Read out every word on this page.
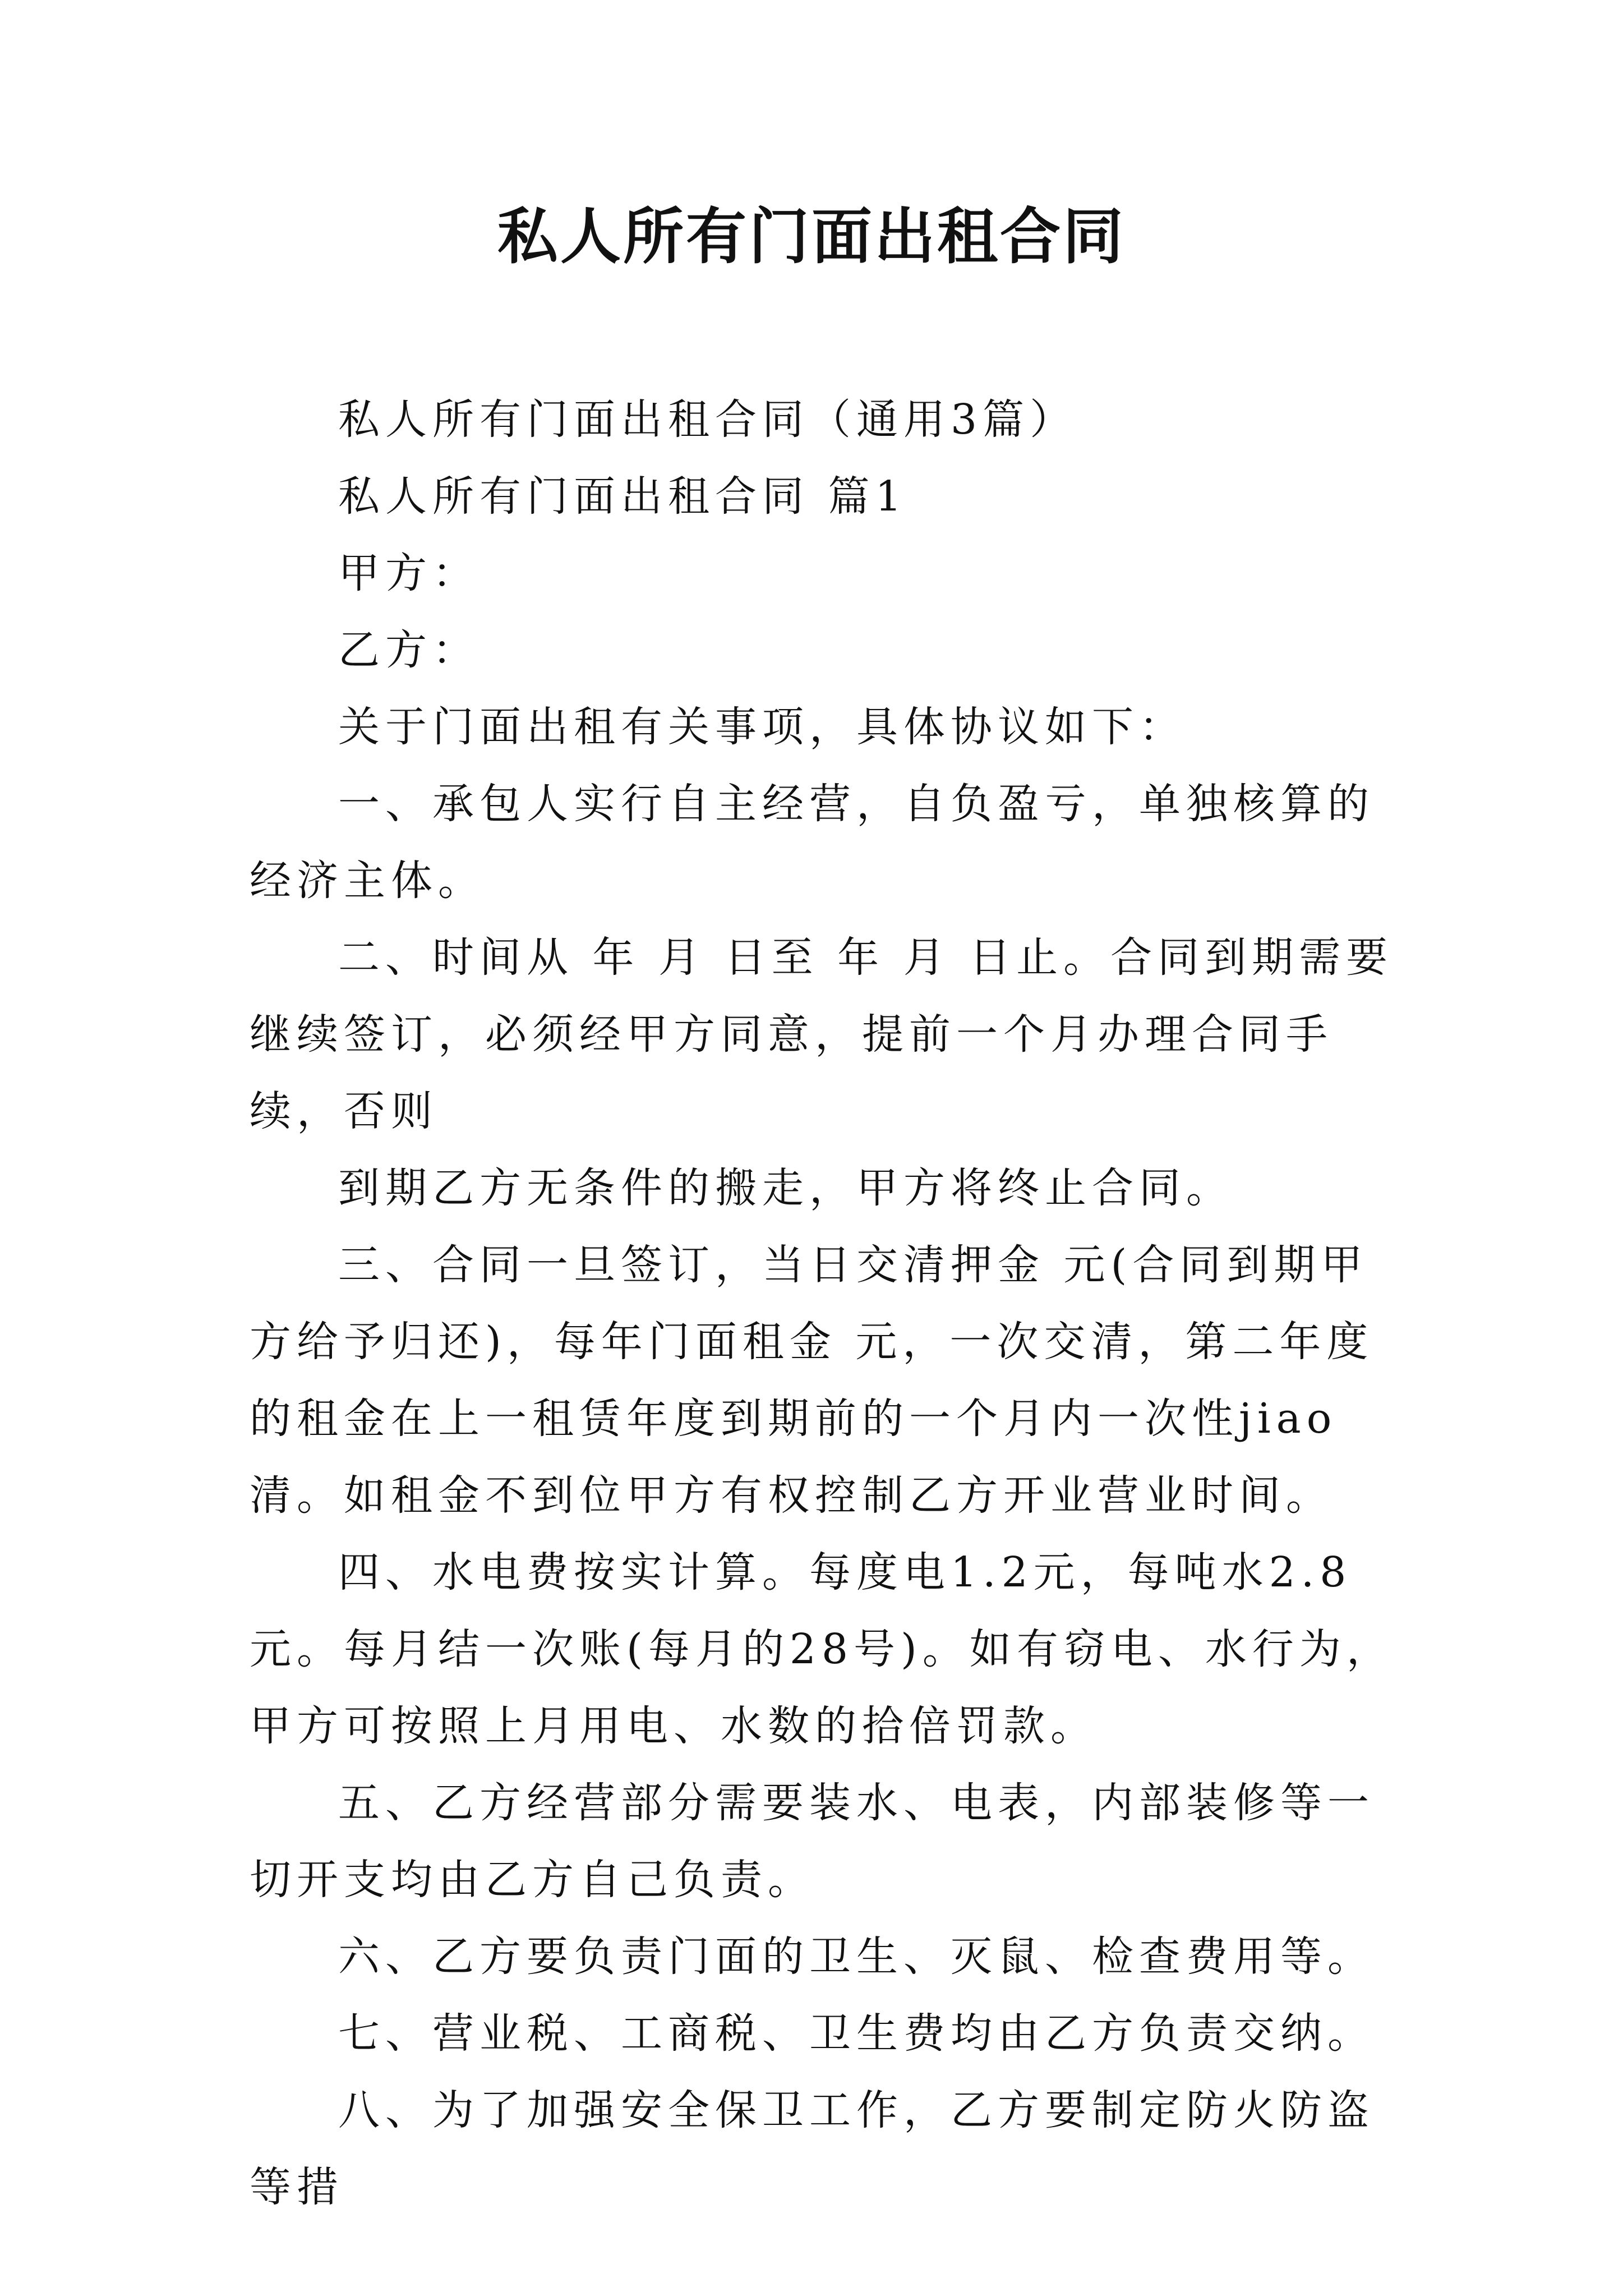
私人所有门面出租合同

私人所有门面出租合同（通用3篇）

私人所有门面出租合同 篇1

甲方：

乙方：

关于门面出租有关事项，具体协议如下：

一、承包人实行自主经营，自负盈亏，单独核算的经济主体。

二、时间从 年 月 日至 年 月 日止。合同到期需要继续签订，必须经甲方同意，提前一个月办理合同手续，否则

到期乙方无条件的搬走，甲方将终止合同。

三、合同一旦签订，当日交清押金 元(合同到期甲方给予归还)，每年门面租金 元，一次交清，第二年度的租金在上一租赁年度到期前的一个月内一次性jiao清。如租金不到位甲方有权控制乙方开业营业时间。

四、水电费按实计算。每度电1.2元，每吨水2.8元。每月结一次账(每月的28号)。如有窃电、水行为，甲方可按照上月用电、水数的拾倍罚款。

五、乙方经营部分需要装水、电表，内部装修等一切开支均由乙方自己负责。

六、乙方要负责门面的卫生、灭鼠、检查费用等。

七、营业税、工商税、卫生费均由乙方负责交纳。

八、为了加强安全保卫工作，乙方要制定防火防盗等措
